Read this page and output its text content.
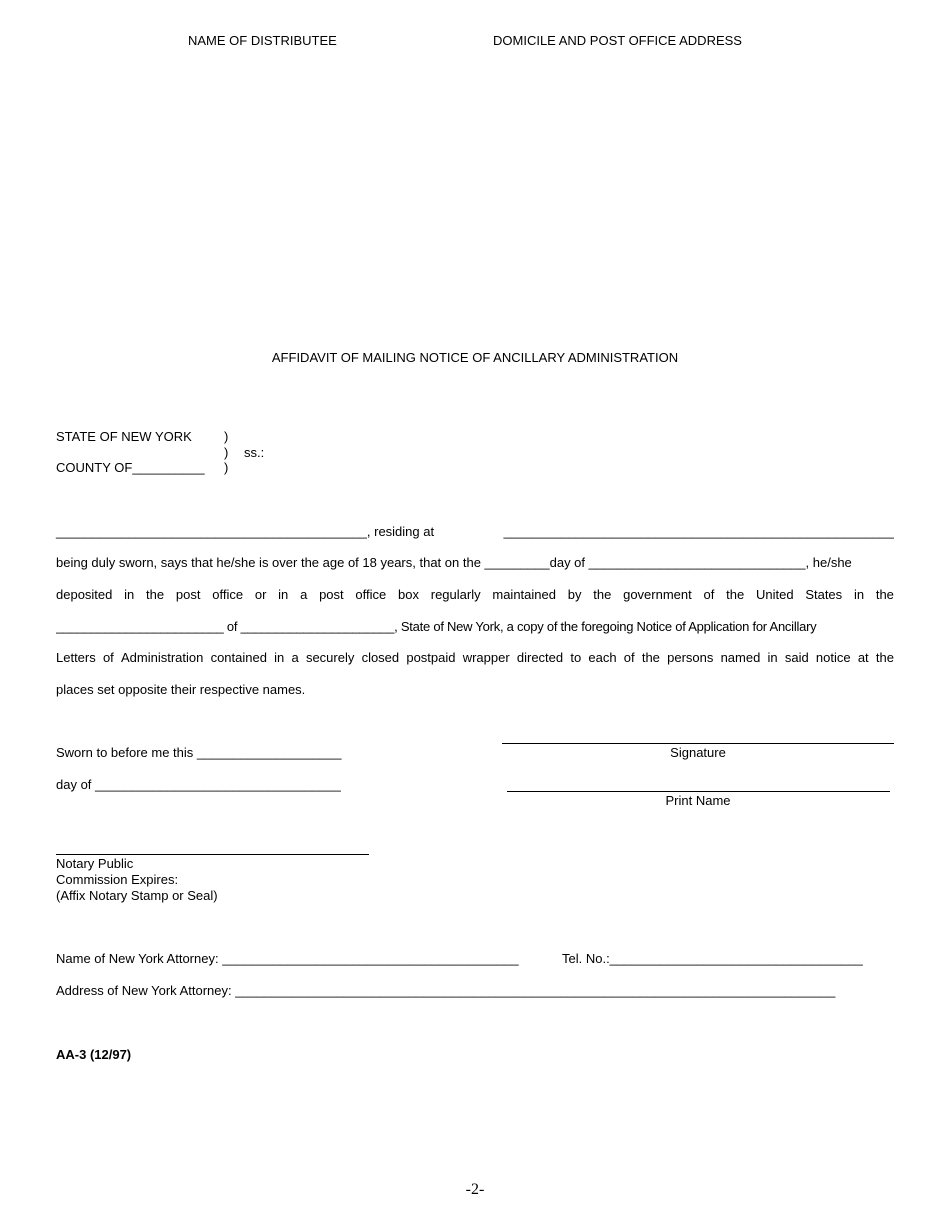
NAME OF DISTRIBUTEE	DOMICILE AND POST OFFICE ADDRESS
AFFIDAVIT OF MAILING NOTICE OF ANCILLARY ADMINISTRATION
STATE OF NEW YORK )
) ss.:
COUNTY OF__________ )
___________________________________________, residing at	______________________________________________________
being duly sworn, says that he/she is over the age of 18 years, that on the _________day of ______________________________, he/she
deposited in the post office or in a post office box regularly maintained by the government of the United States in the
________________________ of ______________________, State of New York, a copy of the foregoing Notice of Application for Ancillary
Letters of Administration contained in a securely closed postpaid wrapper directed to each of the persons named in said notice at the
places set opposite their respective names.
Sworn to before me this ____________________	Signature
day of __________________________________
Print Name
Notary Public
Commission Expires:
(Affix Notary Stamp or Seal)
Name of New York Attorney: _________________________________________	Tel. No.:___________________________________
Address of New York Attorney: ___________________________________________________________________________________
AA-3 (12/97)
-2-
